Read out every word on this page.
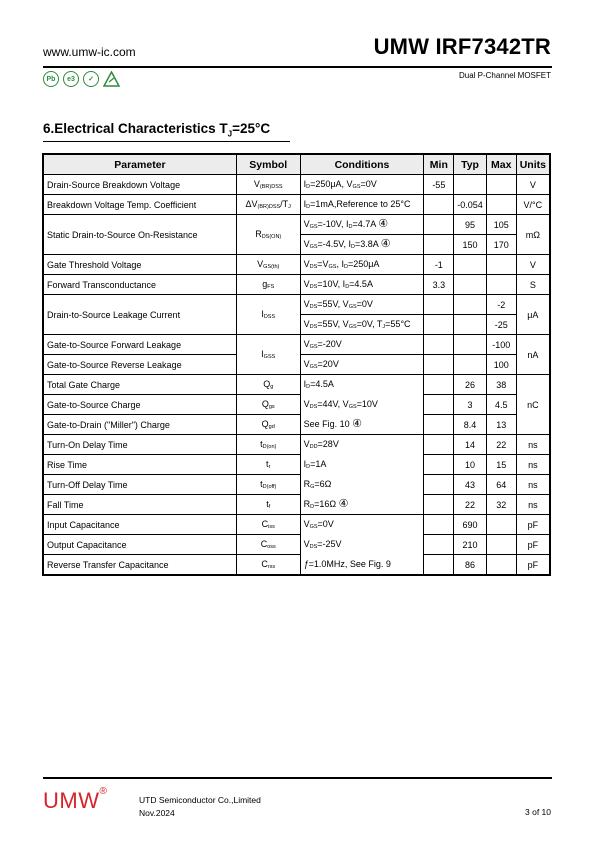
www.umw-ic.com	UMW IRF7342TR
Pb	e3	✓	Dual P-Channel MOSFET
6.Electrical Characteristics $T_J=25^\circ C$
Parameter	Symbol	Conditions	Min	Typ	Max	Units
Drain-Source Breakdown Voltage	V(BR)DSS	ID=250μA, VGS=0V	-55			V
Breakdown Voltage Temp. Coefficient	ΔV(BR)DSS/TJ	ID=1mA,Reference to 25°C		-0.054		V/°C
Static Drain-to-Source On-Resistance	RDS(ON)	VGS=-10V, ID=4.7A ④		95	105	mΩ
		VGS=-4.5V, ID=3.8A ④		150	170	
Gate Threshold Voltage	VGS(th)	VDS=VGS, ID=250μA	-1			V
Forward Transconductance	gFS	VDS=10V, ID=4.5A	3.3			S
Drain-to-Source Leakage Current	IDSS	VDS=55V, VGS=0V			-2	μA
		VDS=55V, VGS=0V, TJ=55°C			-25	
Gate-to-Source Forward Leakage	IGSS	VGS=-20V			-100	nA
Gate-to-Source Reverse Leakage		VGS=20V			100	
Total Gate Charge	Qg	ID=4.5A		26	38	nC
Gate-to-Source Charge	Qgs	VDS=44V, VGS=10V		3	4.5	
Gate-to-Drain ("Miller") Charge	Qgd	See Fig. 10 ④		8.4	13	
Turn-On Delay Time	tD(on)	VDD=28V		14	22	ns
Rise Time	tr	ID=1A		10	15	ns
Turn-Off Delay Time	tD(off)	RG=6Ω		43	64	ns
Fall Time	tf	RD=16Ω ④		22	32	ns
Input Capacitance	Ciss	VGS=0V		690		pF
Output Capacitance	Coss	VDS=-25V		210		pF
Reverse Transfer Capacitance	Crss	ƒ=1.0MHz, See Fig. 9		86		pF
UMW®
UTD Semiconductor Co.,Limited
Nov.2024	3 of 10
